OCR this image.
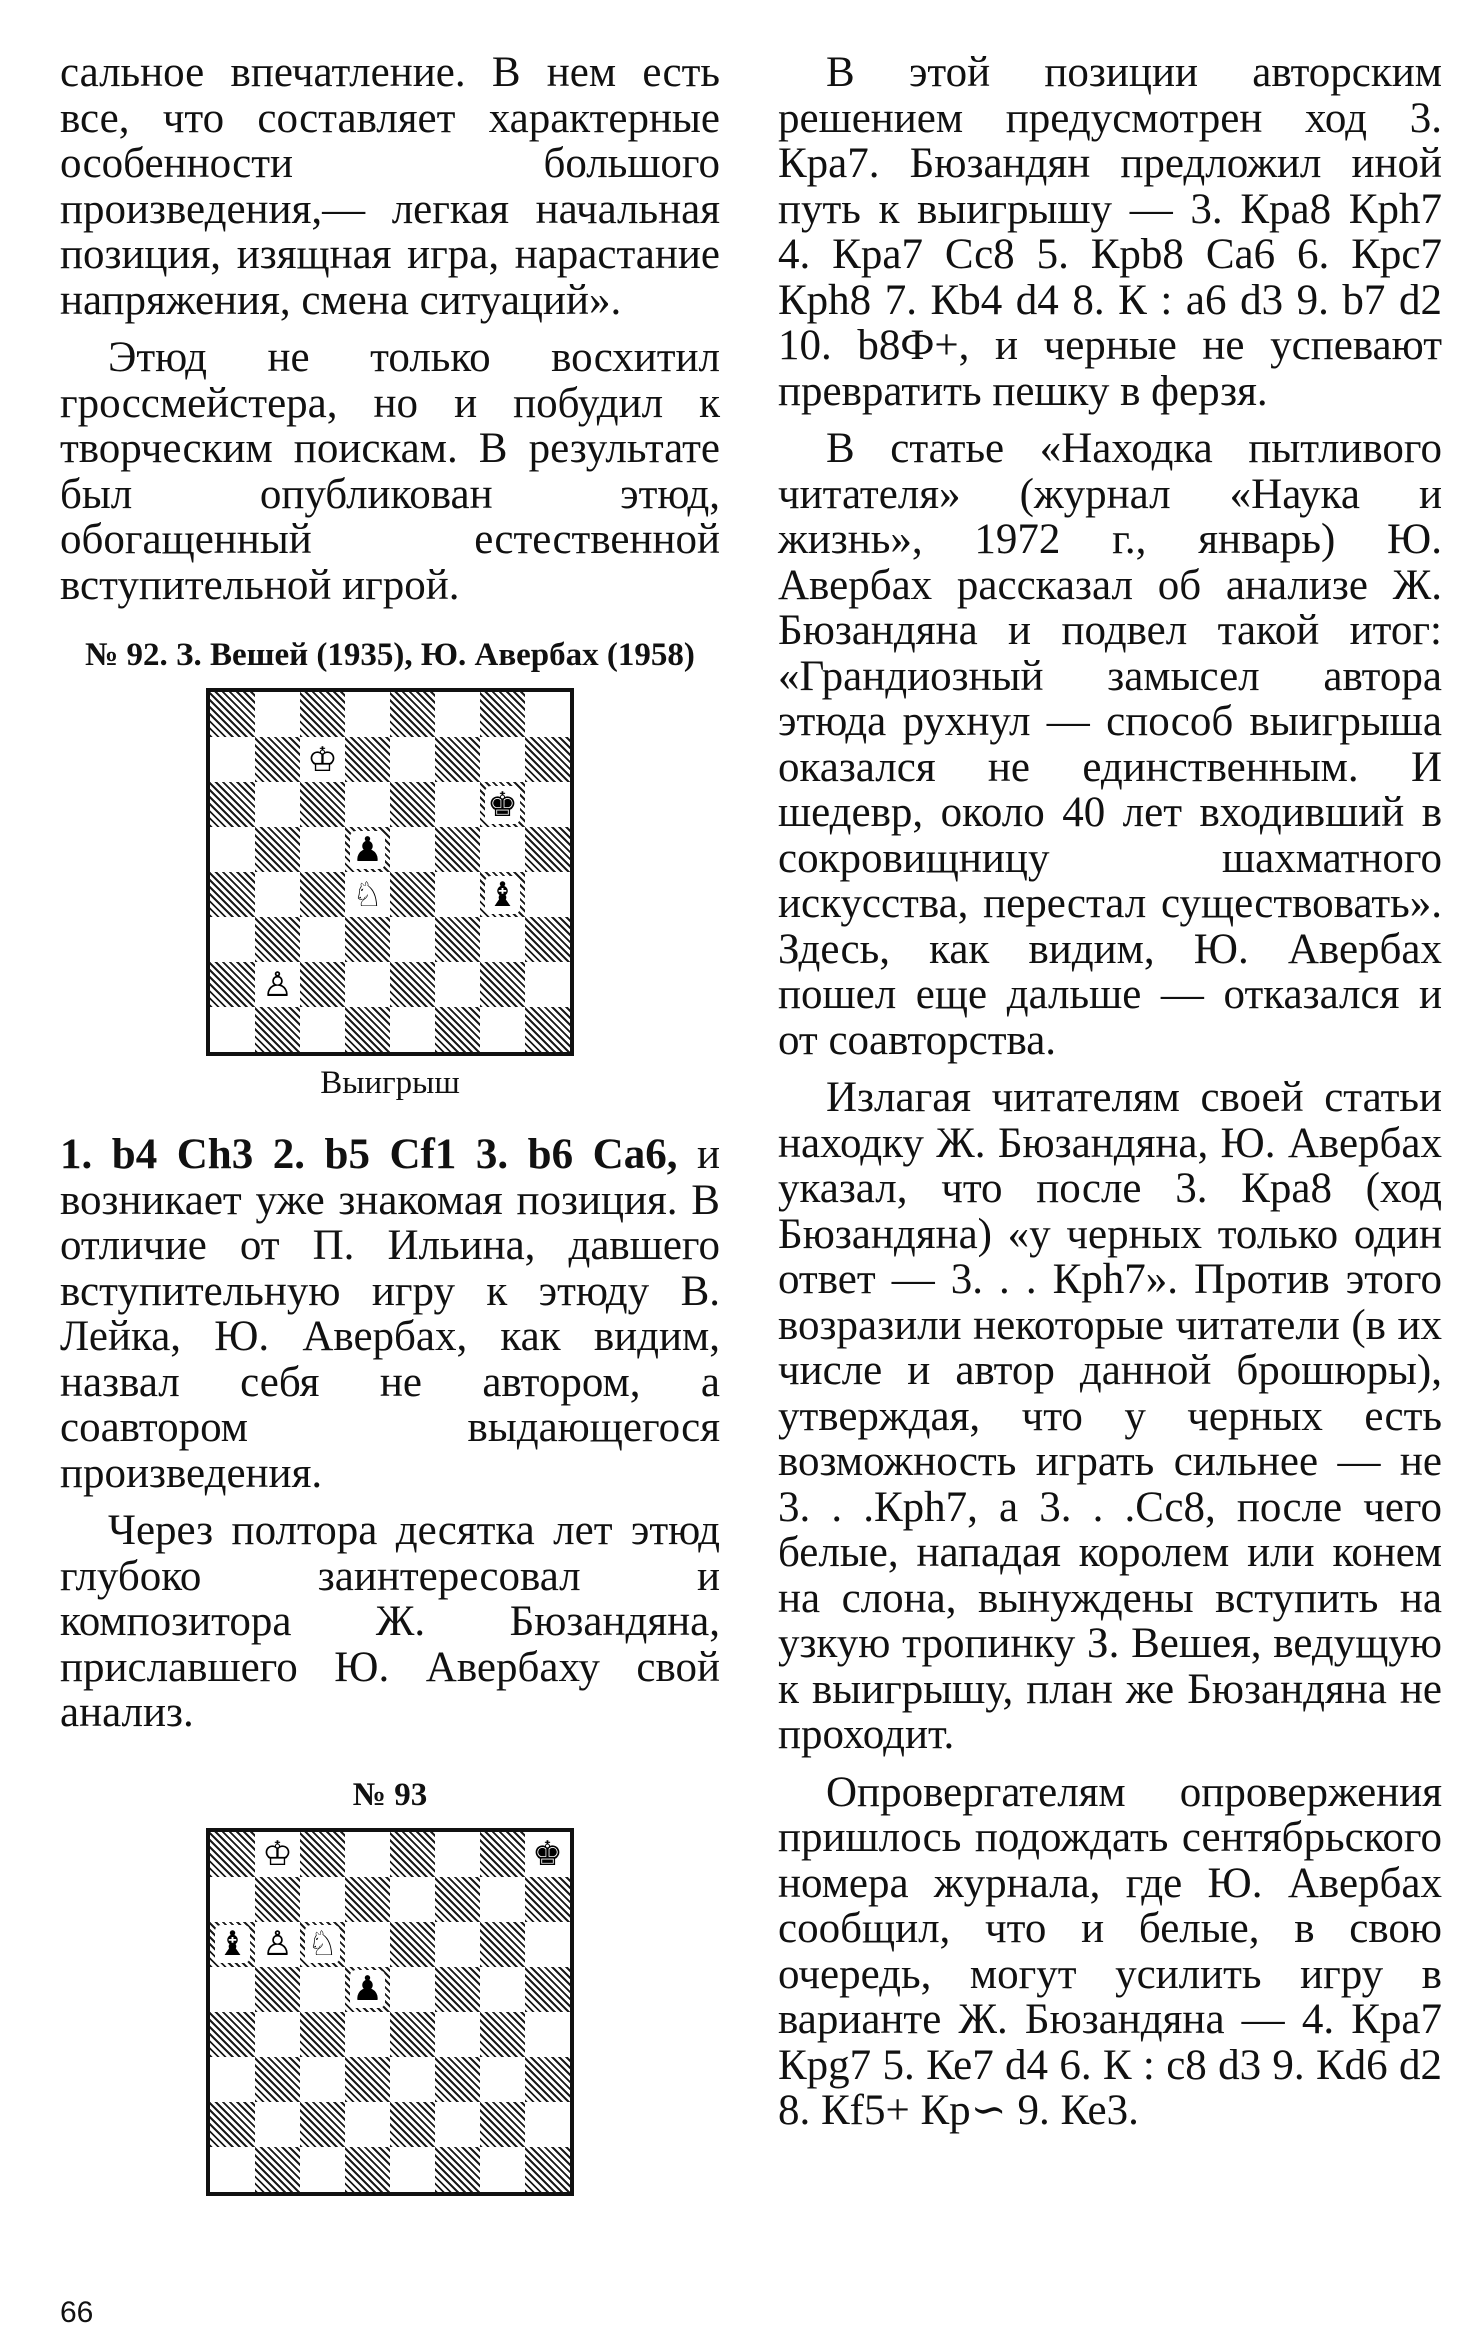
сальное впечатление. В нем есть все, что составляет характерные особенности большого произведения,— легкая начальная позиция, изящная игра, нарастание напряжения, смена ситуаций».

Этюд не только восхитил гроссмейстера, но и побудил к творческим поискам. В результате был опубликован этюд, обогащенный естественной вступительной игрой.

№ 92. З. Вешей (1935), Ю. Авербах (1958)
♔
♚
♟
♘	♝
♙
Выигрыш

1. b4 Ch3 2. b5 Cf1 3. b6 Ca6, и возникает уже знакомая позиция. В отличие от П. Ильина, давшего вступительную игру к этюду В. Лейка, Ю. Авербах, как видим, назвал себя не автором, а соавтором выдающегося произведения.

Через полтора десятка лет этюд глубоко заинтересовал и композитора Ж. Бюзандяна, приславшего Ю. Авербаху свой анализ.

№ 93
♔	♚
♝ ♙ ♘
♟

В этой позиции авторским решением предусмотрен ход 3. Кра7. Бюзандян предложил иной путь к выигрышу — 3. Кра8 Кph7 4. Кра7 Сс8 5. Кpb8 Са6 6. Крс7 Кph8 7. Кb4 d4 8. К : а6 d3 9. b7 d2 10. b8Ф+, и черные не успевают превратить пешку в ферзя.

В статье «Находка пытливого читателя» (журнал «Наука и жизнь», 1972 г., январь) Ю. Авербах рассказал об анализе Ж. Бюзандяна и подвел такой итог: «Грандиозный замысел автора этюда рухнул — способ выигрыша оказался не единственным. И шедевр, около 40 лет входивший в сокровищницу шахматного искусства, перестал существовать». Здесь, как видим, Ю. Авербах пошел еще дальше — отказался и от соавторства.

Излагая читателям своей статьи находку Ж. Бюзандяна, Ю. Авербах указал, что после 3. Кра8 (ход Бюзандяна) «у черных только один ответ — 3. . . Кph7». Против этого возразили некоторые читатели (в их числе и автор данной брошюры), утверждая, что у черных есть возможность играть сильнее — не 3. . .Кph7, а 3. . .Сс8, после чего белые, нападая королем или конем на слона, вынуждены вступить на узкую тропинку З. Вешея, ведущую к выигрышу, план же Бюзандяна не проходит.

Опровергателям опровержения пришлось подождать сентябрьского номера журнала, где Ю. Авербах сообщил, что и белые, в свою очередь, могут усилить игру в варианте Ж. Бюзандяна — 4. Кра7 Крg7 5. Ке7 d4 6. К : с8 d3 9. Кd6 d2 8. Кf5+ Кр∽ 9. Ке3.

66
